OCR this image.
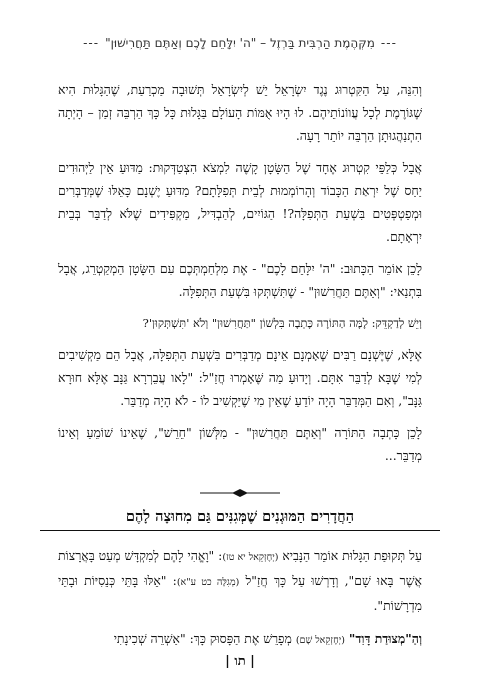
---
מִקְּהֶמֶת הַרְבִּית בַּרְזֶל – "ה' יִלָּחֵם לָכֶם וְאַתֶּם תַּחֲרִישׁוּן"
---

וְהִנֵּה, עַל הַקִּטְרוּג נֶגֶד יִשְׂרָאֵל יֵשׁ לְיִשְׂרָאֵל תְּשׁוּבָה מַכְרַעַת, שֶׁהַגָּלוּת הִיא שֶׁגּוֹרֶמֶת לְכָל עֲווֹנוֹתֵיהֶם. לוּ הָיוּ אֻמּוֹת הָעוֹלָם בַּגָּלוּת כָּל כָּךְ הַרְבֵּה זְמַן – הָיְתָה הִתְנַהֲגוּתָן הַרְבֵּה יוֹתֵר רָעָה.

אֲבָל כְּלַפֵּי קִטְרוּג אֶחָד שֶׁל הַשָּׂטָן קָשֶׁה לִמְצֹא הִצְטַדְּקוּת: מַדּוּעַ אֵין לַיְּהוּדִים יַחַס שֶׁל יִרְאַת הַכָּבוֹד וְהָרוֹמְמוּת לְבֵית תְּפִלָּתָם? מַדּוּעַ יֶשְׁנָם כָּאֵלּוּ שֶׁמְּדַבְּרִים וּמְפַטְפְּטִים בִּשְׁעַת הַתְּפִלָּה?! הַגּוֹיִים, לְהַבְדִּיל, מַקְפִּידִים שֶׁלֹּא לְדַבֵּר בְּבֵית יִרְאָתָם.

לָכֵן אוֹמֵר הַכָּתוּב: "ה' יִלָּחֵם לָכֶם" - אֶת מִלְחַמְתְּכֶם עִם הַשָּׂטָן הַמְקַטְרֵג, אֲבָל בִּתְנַאי: "וְאַתֶּם תַּחֲרִשׁוּן" - שֶׁתִּשְׁתְּקוּ בִּשְׁעַת הַתְּפִלָּה.

וְיֵשׁ לְדַקְדֵּק: לָמָּה הַתּוֹרָה כָּתְבָה בִּלְשׁוֹן "תַּחֲרִשׁוּן" וְלֹא 'תִּשְׁתְּקוּן'?

אֶלָּא, שֶׁיֶּשְׁנָם רַבִּים שֶׁאָמְנָם אֵינָם מְדַבְּרִים בִּשְׁעַת הַתְּפִלָּה, אֲבָל הֵם מַקְשִׁיבִים לְמִי שֶׁבָּא לְדַבֵּר אִתָּם. וְיָדוּעַ מַה שֶּׁאָמְרוּ חֲזַ"ל: "לָאו עֲבֵרְרָא גַּנָּב אֶלָּא חוּרָא גַּנָּב", וְאִם הַמְּדַבֵּר הָיָה יוֹדֵעַ שֶׁאֵין מִי שֶׁיַּקְשִׁיב לוֹ - לֹא הָיָה מְדַבֵּר.

לָכֵן כָּתְבָה הַתּוֹרָה "וְאַתֶּם תַּחֲרִשׁוּן" - מִלְּשׁוֹן "חֵרֵשׁ", שֶׁאֵינוֹ שׁוֹמֵעַ וְאֵינוֹ מְדַבֵּר...

הַחֲדָרִים הַמּוּגְנִים שֶׁמְּגִנִּים גַּם מִחוּצָה לָהֶם

עַל תְּקוּפַת הַגָּלוּת אוֹמֵר הַנָּבִיא (יְחֶזְקֵאל יא טז): "וָאֱהִי לָהֶם לְמִקְדָּשׁ מְעַט בָּאֲרָצוֹת אֲשֶׁר בָּאוּ שָׁם", וְדָרְשׁוּ עַל כָּךְ חֲזַ"ל (מְגִלָּה כט ע"א): "אֵלּוּ בָּתֵּי כְּנֵסִיּוֹת וּבָתֵּי מִדְרָשׁוֹת".

וְהַ"מְצוּדַת דָּוִד" (יְחֶזְקֵאל שָׁם) מְפָרֵשׁ אֶת הַפָּסוּק כָּךְ: "אַשְׁרֵה שְׁכִינָתִי

| תו |
